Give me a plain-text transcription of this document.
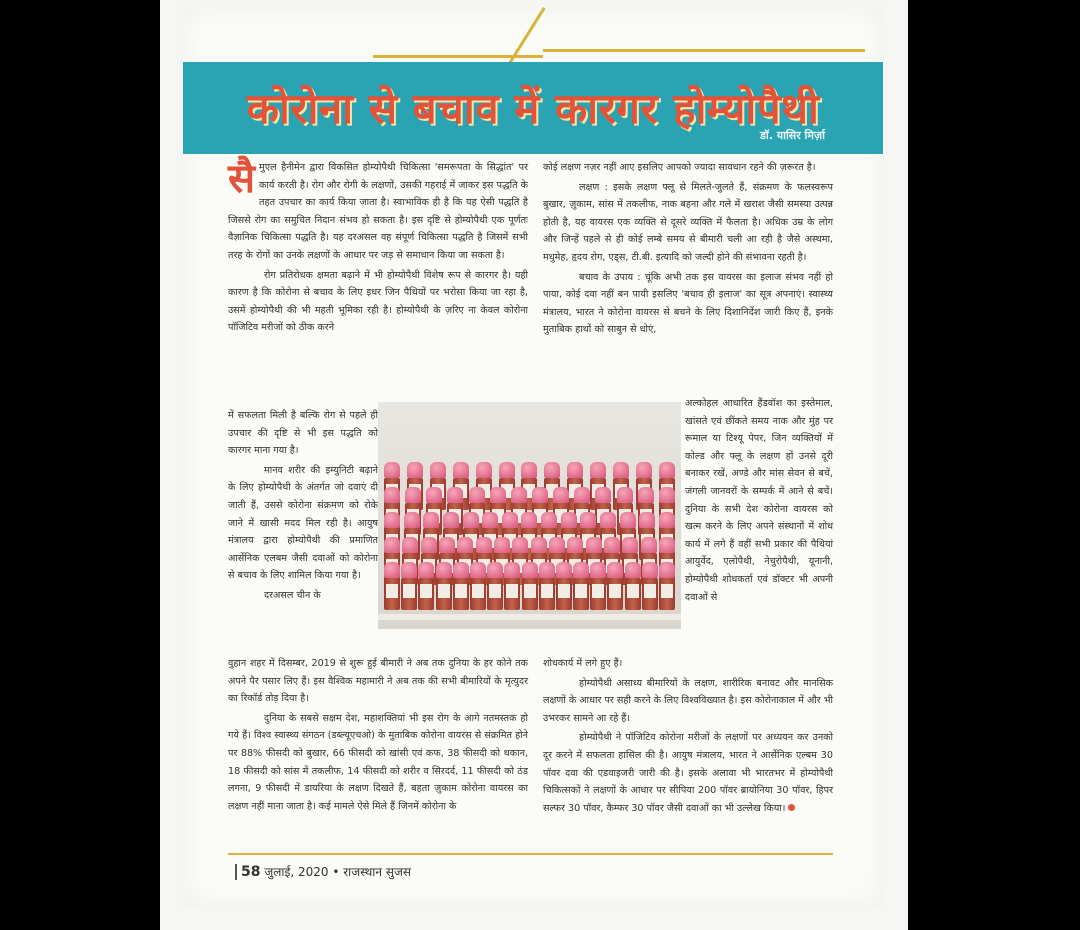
कोरोना से बचाव में कारगर होम्योपैथी
डॉ. यासिर मिर्ज़ा

सैमुएल हैनीमेन द्वारा विकसित होम्योपैथी चिकित्सा 'समरूपता के सिद्धांत' पर कार्य करती है। रोग और रोगी के लक्षणों, उसकी गहराई में जाकर इस पद्धति के तहत उपचार का कार्य किया जाता है। स्वाभाविक ही है कि यह ऐसी पद्धति है जिससे रोग का समुचित निदान संभव हो सकता है। इस दृष्टि से होम्योपैथी एक पूर्णतः वैज्ञानिक चिकित्सा पद्धति है। यह दरअसल वह संपूर्ण चिकित्सा पद्धति है जिसमें सभी तरह के रोगों का उनके लक्षणों के आधार पर जड़ से समाधान किया जा सकता है।

रोग प्रतिरोधक क्षमता बढ़ाने में भी होम्योपैथी विशेष रूप से कारगर है। यही कारण है कि कोरोना से बचाव के लिए इधर जिन पैथियों पर भरोसा किया जा रहा है, उसमें होम्योपैथी की भी महती भूमिका रही है। होम्योपैथी के ज़रिए ना केवल कोरोना पॉजिटिव मरीजों को ठीक करने

में सफलता मिली है बल्कि रोग से पहले ही उपचार की दृष्टि से भी इस पद्धति को कारगर माना गया है।

मानव शरीर की इम्युनिटी बढ़ाने के लिए होम्योपैथी के अंतर्गत जो दवाएं दी जाती हैं, उससे कोरोना संक्रमण को रोके जाने में खासी मदद मिल रही है। आयुष मंत्रालय द्वारा होम्योपैथी की प्रमाणित आर्सेनिक एलबम जैसी दवाओं को कोरोना से बचाव के लिए शामिल किया गया है।

दरअसल चीन के

वुहान शहर में दिसम्बर, 2019 से शुरू हुई बीमारी ने अब तक दुनिया के हर कोने तक अपने पैर पसार लिए हैं। इस वैश्विक महामारी ने अब तक की सभी बीमारियों के मृत्युदर का रिकॉर्ड तोड़ दिया है।

दुनिया के सबसे सक्षम देश, महाशक्तियां भी इस रोग के आगे नतमस्तक हो गये हैं। विश्व स्वास्थ्य संगठन (डब्ल्यूएचओ) के मुताबिक कोरोना वायरस से संक्रमित होने पर 88% फीसदी को बुखार, 66 फीसदी को खांसी एवं कफ, 38 फीसदी को थकान, 18 फीसदी को सांस में तकलीफ, 14 फीसदी को शरीर व सिरदर्द, 11 फीसदी को ठंड लगना, 9 फीसदी में डायरिया के लक्षण दिखते हैं, बहता ज़ुकाम कोरोना वायरस का लक्षण नहीं माना जाता है। कई मामले ऐसे मिले हैं जिनमें कोरोना के

कोई लक्षण नज़र नहीं आए इसलिए आपको ज्यादा सावधान रहने की ज़रूरत है।

लक्षण : इसके लक्षण फ्लू से मिलते-जुलते हैं, संक्रमण के फलस्वरूप बुखार, ज़ुकाम, सांस में तकलीफ, नाक बहना और गले में खराश जैसी समस्या उत्पन्न होती है, यह वायरस एक व्यक्ति से दूसरे व्यक्ति में फैलता है। अधिक उम्र के लोग और जिन्हें पहले से ही कोई लम्बे समय से बीमारी चली आ रही है जैसे अस्थमा, मधुमेह, हृदय रोग, एड्स, टी.बी. इत्यादि को जल्दी होने की संभावना रहती है।

बचाव के उपाय : चूंकि अभी तक इस वायरस का इलाज संभव नहीं हो पाया, कोई दवा नहीं बन पायी इसलिए 'बचाव ही इलाज' का सूत्र अपनाएं। स्वास्थ्य मंत्रालय, भारत ने कोरोना वायरस से बचने के लिए दिशानिर्देश जारी किए हैं, इनके मुताबिक हाथों को साबुन से धोएं,

अल्कोहल आधारित हैंडवॉश का इस्तेमाल, खांसते एवं छींकते समय नाक और मुंह पर रूमाल या टिश्यू पेपर, जिन व्यक्तियों में कोल्ड और फ्लू के लक्षण हों उनसे दूरी बनाकर रखें, अण्डे और मांस सेवन से बचें, जंगली जानवरों के सम्पर्क में आने से बचें। दुनिया के सभी देश कोरोना वायरस को खत्म करने के लिए अपने संस्थानों में शोध कार्य में लगे हैं वहीं सभी प्रकार की पैथियां आयुर्वेद, एलोपैथी, नेचुरोपैथी, यूनानी, होम्योपैथी शोधकर्ता एवं डॉक्टर भी अपनी दवाओं से

शोधकार्य में लगे हुए हैं।

होम्योपैथी असाध्य बीमारियों के लक्षण, शारीरिक बनावट और मानसिक लक्षणों के आधार पर सही करने के लिए विश्वविख्यात है। इस कोरोनाकाल में और भी उभरकर सामने आ रहे हैं।

होम्योपैथी ने पॉजिटिव कोरोना मरीजों के लक्षणों पर अध्ययन कर उनको दूर करने में सफलता हासिल की है। आयुष मंत्रालय, भारत ने आर्सेनिक एल्बम 30 पॉवर दवा की एडवाइजरी जारी की है। इसके अलावा भी भारतभर में होम्योपैथी चिकित्सकों ने लक्षणों के आधार पर सीपिया 200 पॉवर ब्रायोनिया 30 पॉवर, हिपर सल्फर 30 पॉवर, कैम्फर 30 पॉवर जैसी दवाओं का भी उल्लेख किया।

58 जुलाई, 2020 • राजस्थान सुजस
